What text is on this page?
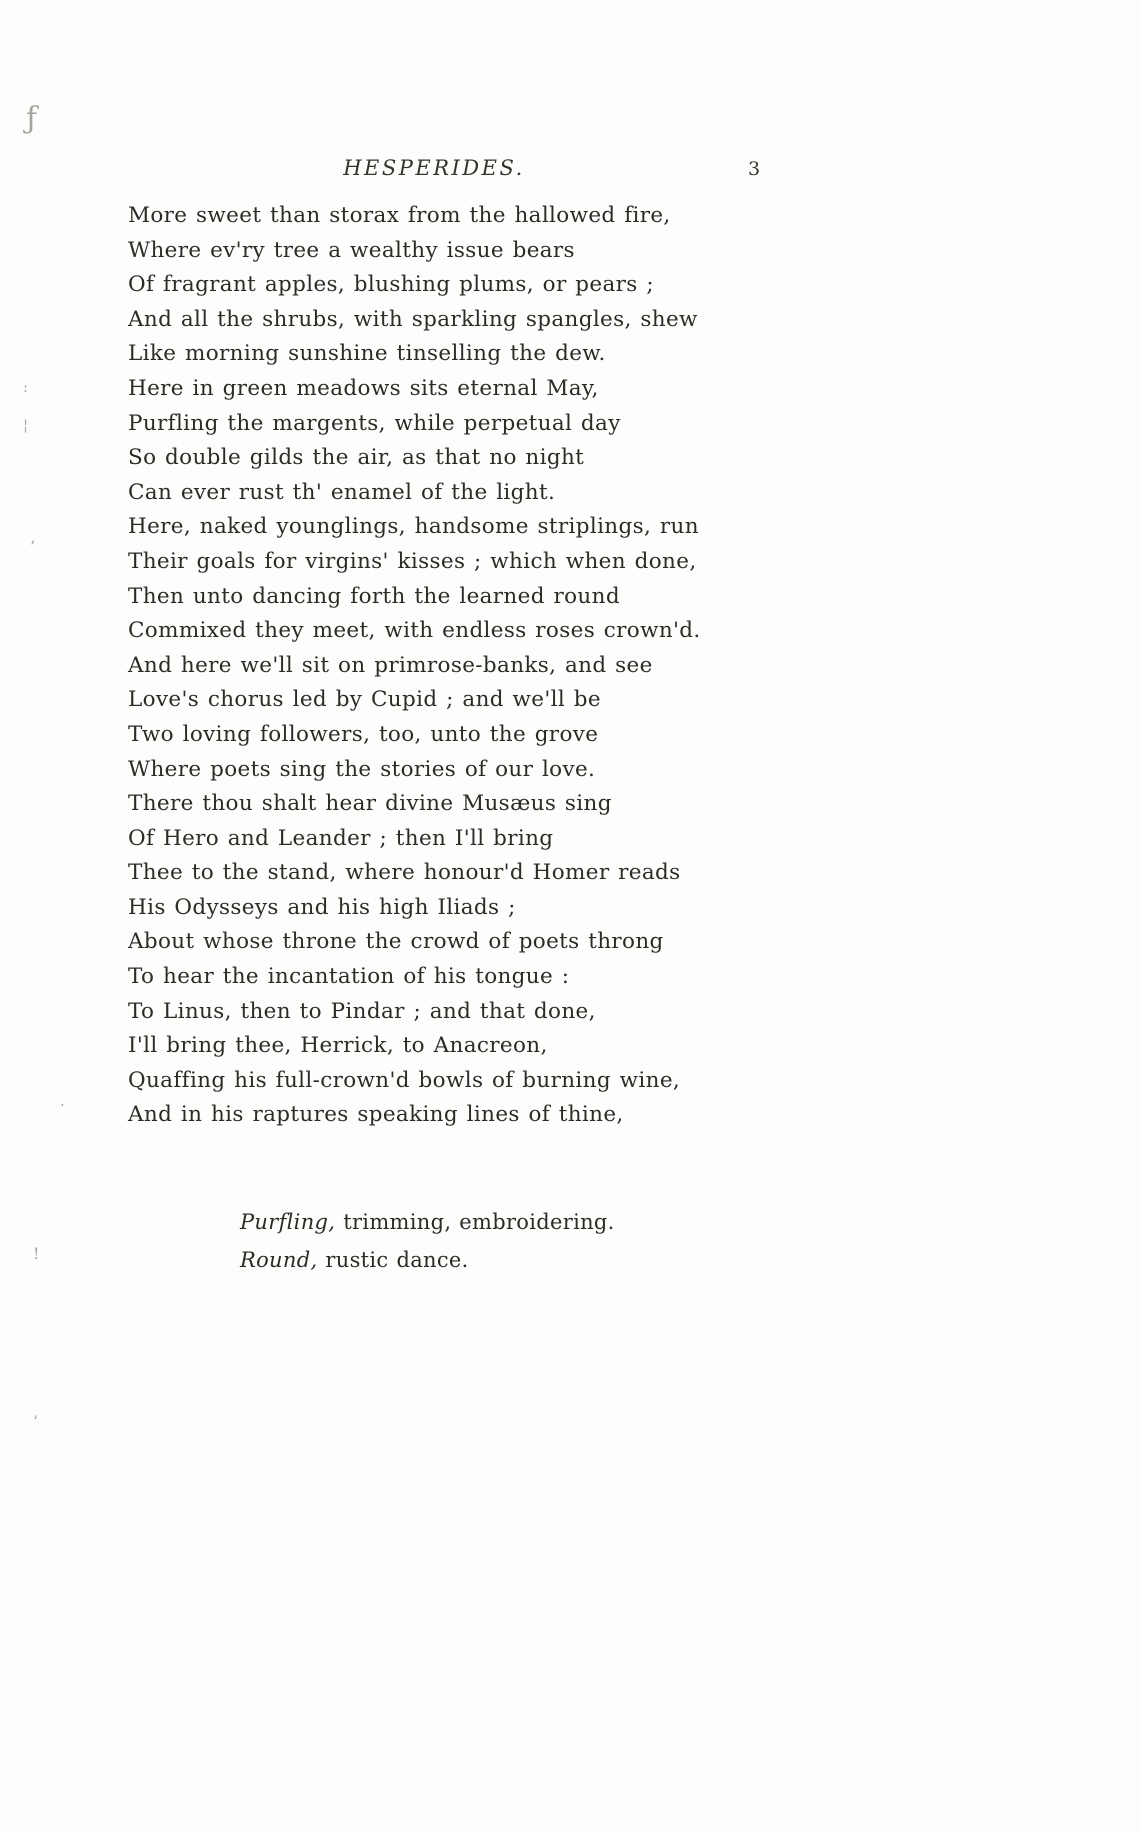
HESPERIDES.	3
More sweet than storax from the hallowed fire,
Where ev'ry tree a wealthy issue bears
Of fragrant apples, blushing plums, or pears ;
And all the shrubs, with sparkling spangles, shew
Like morning sunshine tinselling the dew.
Here in green meadows sits eternal May,
Purfling the margents, while perpetual day
So double gilds the air, as that no night
Can ever rust th' enamel of the light.
Here, naked younglings, handsome striplings, run
Their goals for virgins' kisses ; which when done,
Then unto dancing forth the learned round
Commixed they meet, with endless roses crown'd.
And here we'll sit on primrose-banks, and see
Love's chorus led by Cupid ; and we'll be
Two loving followers, too, unto the grove
Where poets sing the stories of our love.
There thou shalt hear divine Musæus sing
Of Hero and Leander ; then I'll bring
Thee to the stand, where honour'd Homer reads
His Odysseys and his high Iliads ;
About whose throne the crowd of poets throng
To hear the incantation of his tongue :
To Linus, then to Pindar ; and that done,
I'll bring thee, Herrick, to Anacreon,
Quaffing his full-crown'd bowls of burning wine,
And in his raptures speaking lines of thine,
Purfling, trimming, embroidering.
Round, rustic dance.
ƒ
:
¦
’
·
!
ʻ
